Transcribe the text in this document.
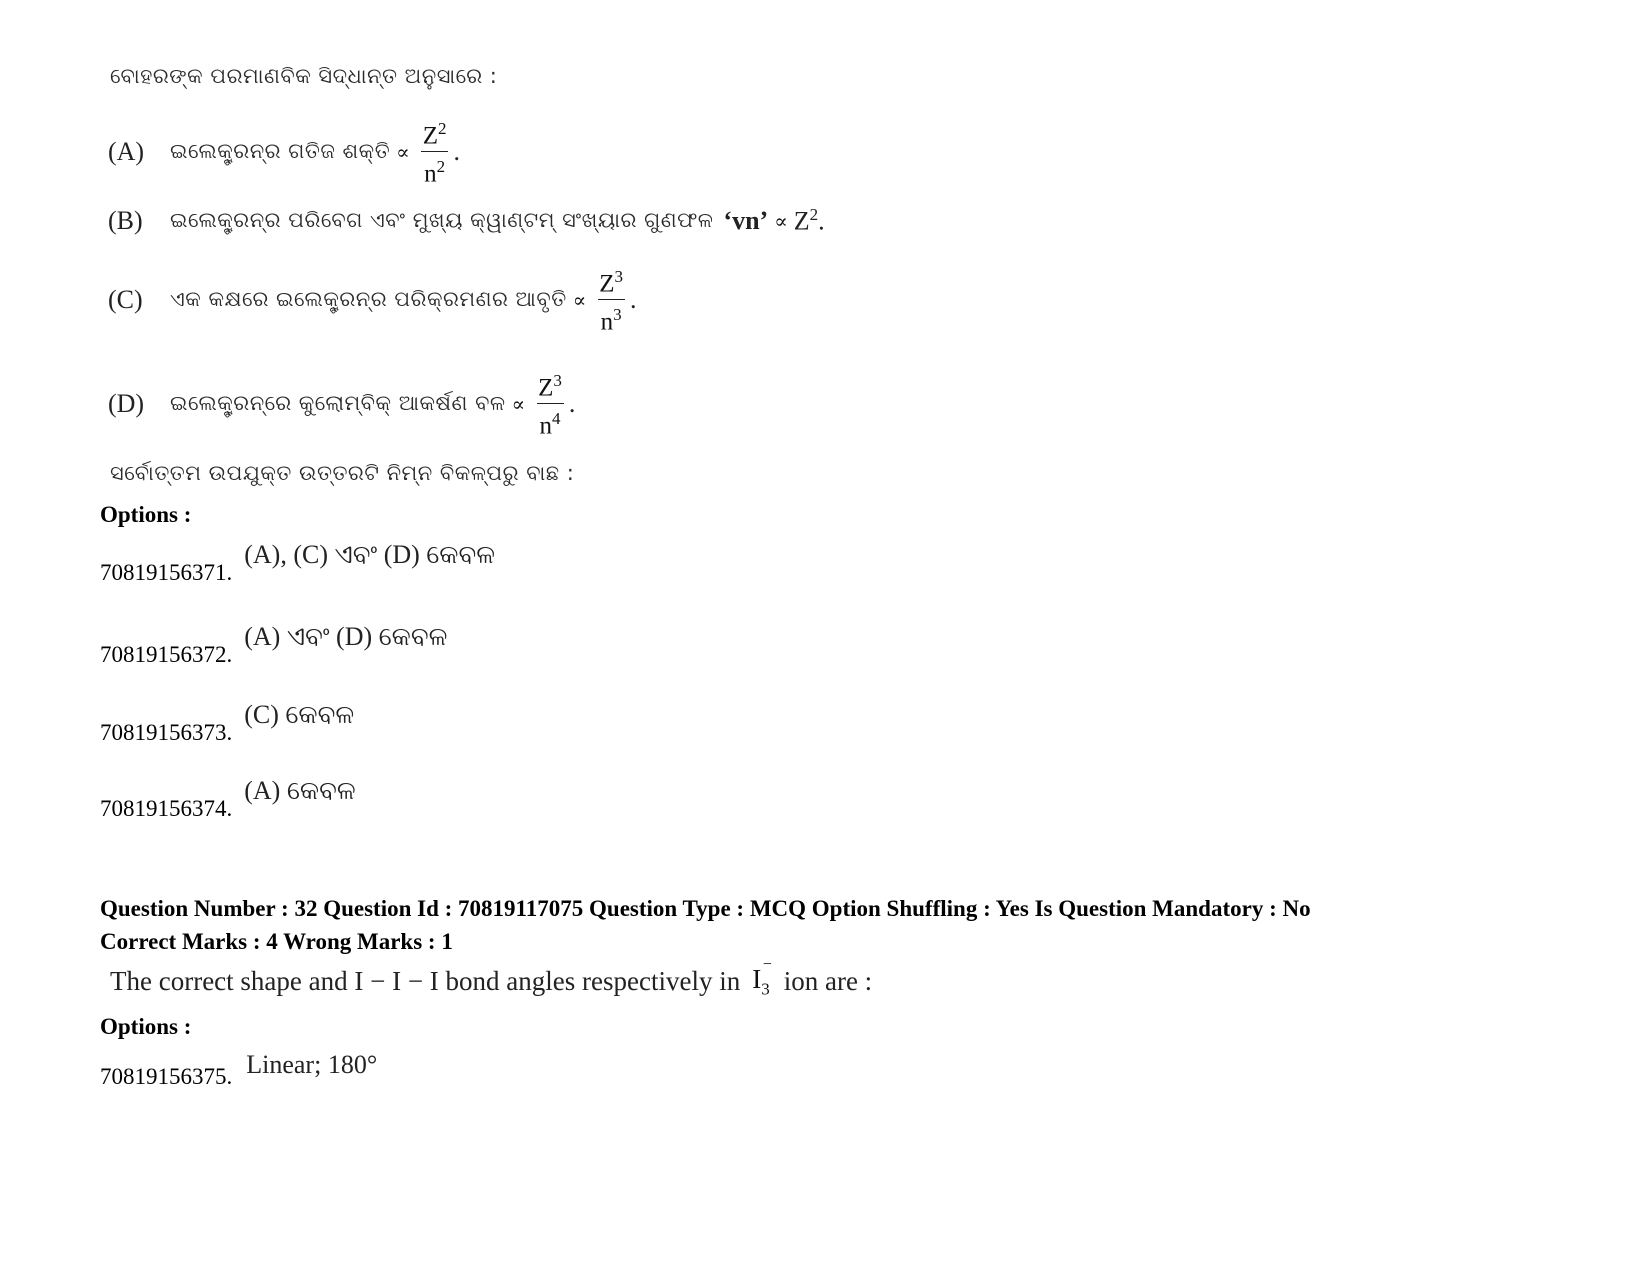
ବୋହରଙ୍କ ପରମାଣବିକ ସିଦ୍ଧାନ୍ତ ଅନୁସାରେ :
(A)	ଇଲେକ୍ଟ୍ରନ୍‌ର ଗତିଜ ଶକ୍ତି ∝ $\frac{Z^2}{n^2}$ .
(B)	ଇଲେକ୍ଟ୍ରନ୍‌ର ପରିବେଗ ଏବଂ ମୁଖ୍ୟ କ୍ୱାଣ୍ଟମ୍ ସଂଖ୍ୟାର ଗୁଣଫଳ ‘vn’ ∝ $Z^2$.
(C)	ଏକ କକ୍ଷରେ ଇଲେକ୍ଟ୍ରନ୍‌ର ପରିକ୍ରମଣର ଆବୃତି ∝ $\frac{Z^3}{n^3}$ .
(D)	ଇଲେକ୍ଟ୍ରନ୍‌ରେ କୁଲୋମ୍ବିକ୍ ଆକର୍ଷଣ ବଳ ∝ $\frac{Z^3}{n^4}$ .
ସର୍ବୋତ୍ତମ ଉପଯୁକ୍ତ ଉତ୍ତରଟି ନିମ୍ନ ବିକଳ୍ପରୁ ବାଛ :
Options :
70819156371.
(A), (C) ଏବଂ (D) କେବଳ
70819156372.
(A) ଏବଂ (D) କେବଳ
70819156373.
(C) କେବଳ
70819156374.
(A) କେବଳ
Question Number : 32 Question Id : 70819117075 Question Type : MCQ Option Shuffling : Yes Is Question Mandatory : No
Correct Marks : 4 Wrong Marks : 1
The correct shape and I − I − I bond angles respectively in $I_3$
−
ion are :
Options :
70819156375. Linear; 180°
